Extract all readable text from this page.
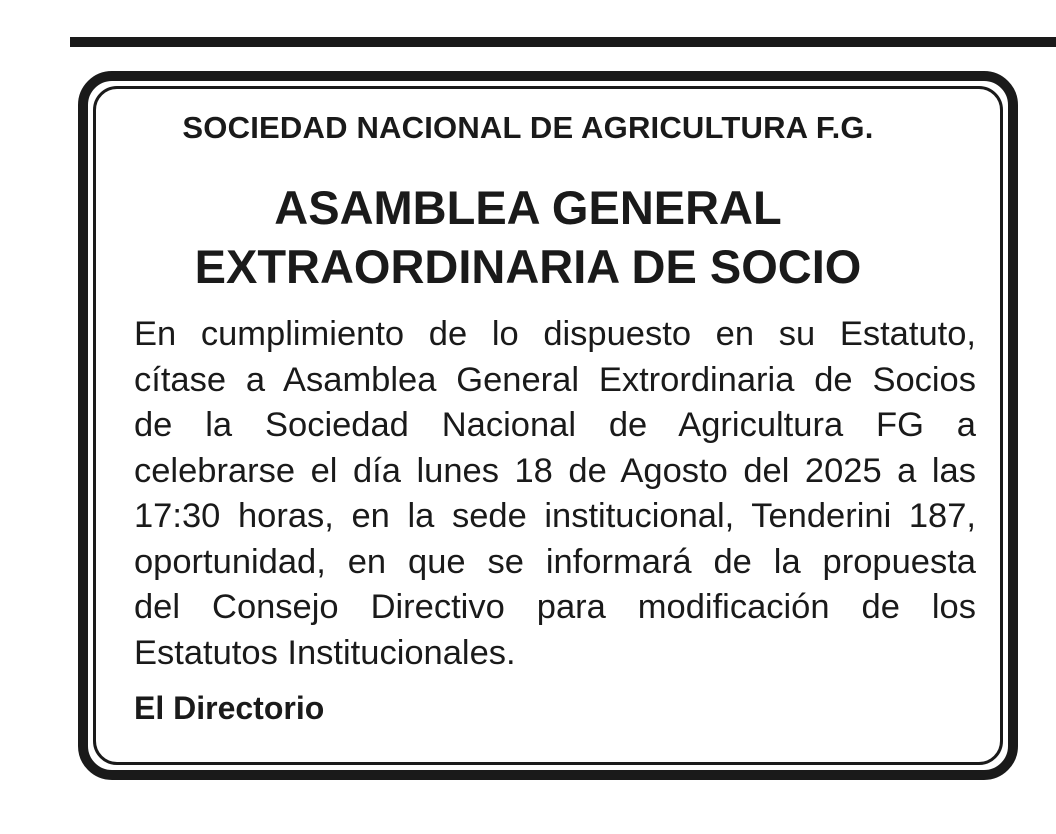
SOCIEDAD NACIONAL DE AGRICULTURA F.G.
ASAMBLEA GENERAL
EXTRAORDINARIA DE SOCIO

En cumplimiento de lo dispuesto en su Estatuto,
cítase a Asamblea General Extrordinaria de Socios
de la Sociedad Nacional de Agricultura FG a
celebrarse el día lunes 18 de Agosto del 2025 a las
17:30 horas, en la sede institucional, Tenderini 187,
oportunidad, en que se informará de la propuesta
del Consejo Directivo para modificación de los
Estatutos Institucionales.

El Directorio
